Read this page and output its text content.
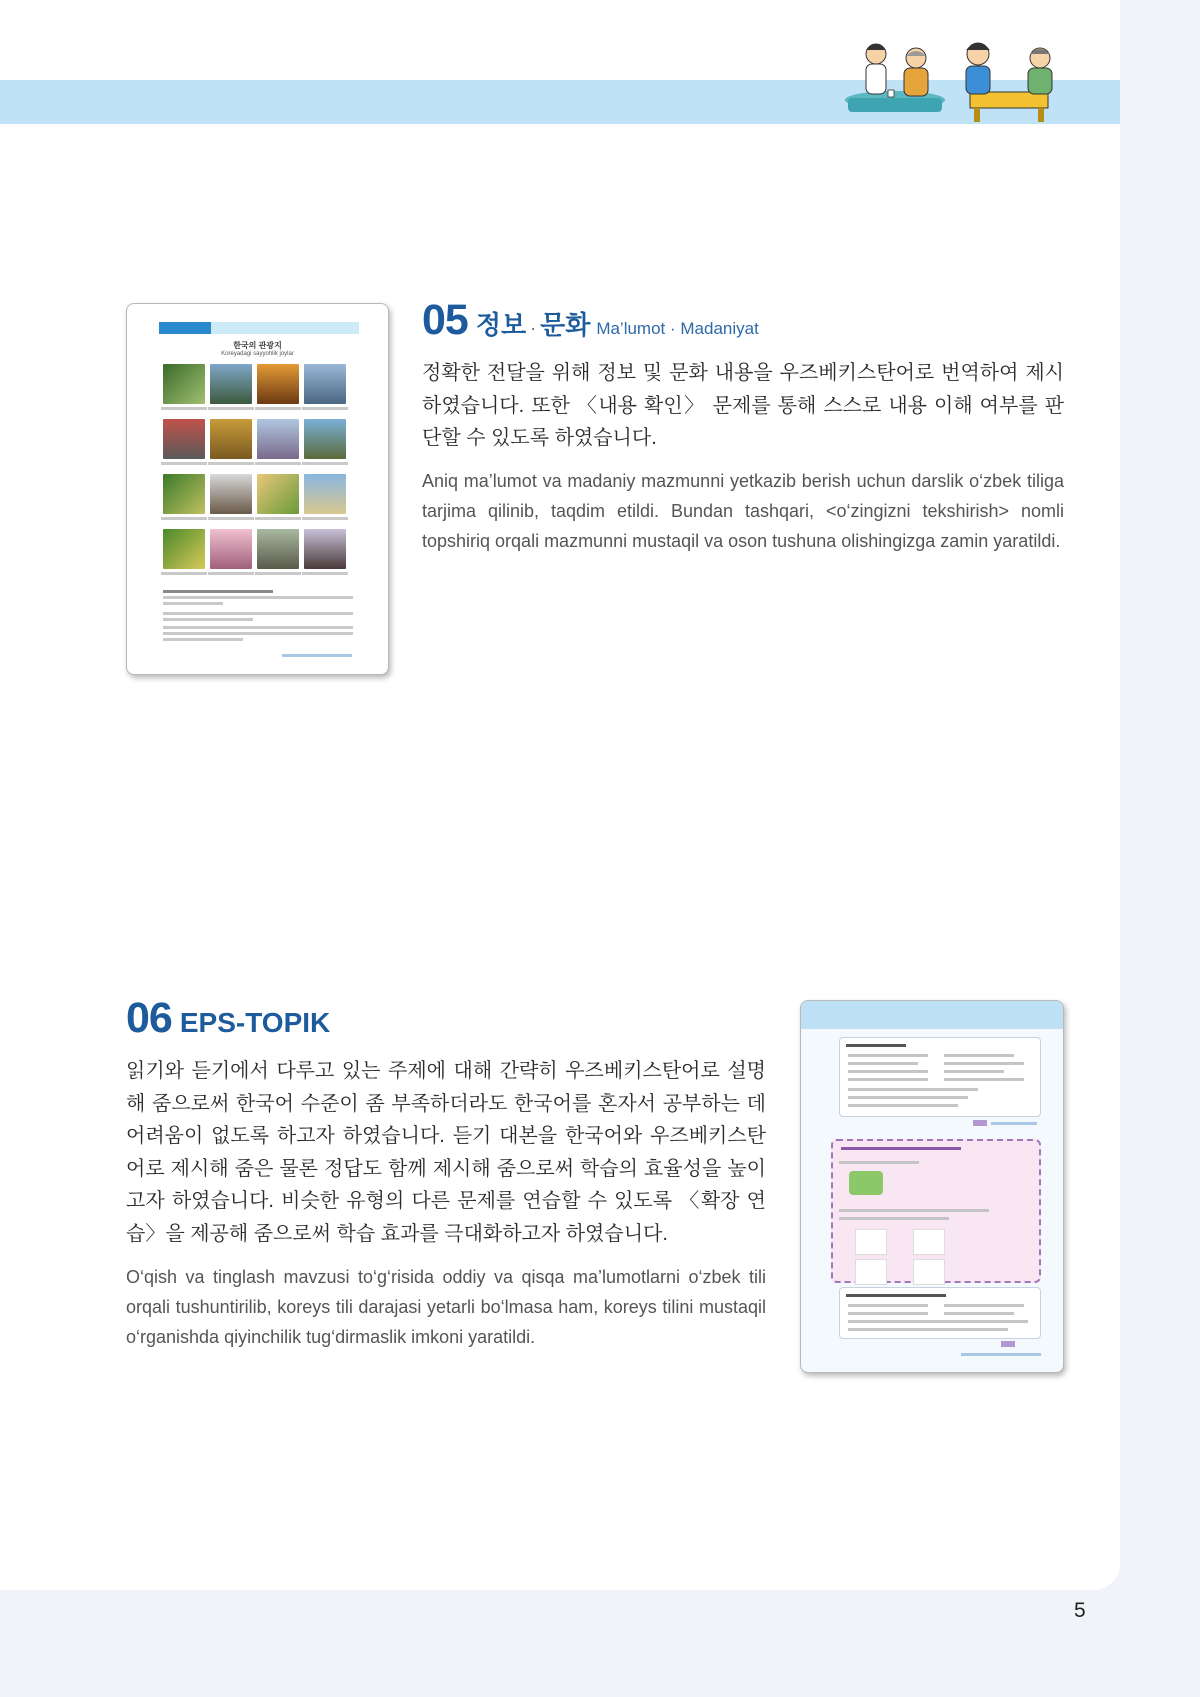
한국의 관광지
Koreyadagi sayyohlik joylar
05 정보 · 문화 Ma’lumot · Madaniyat

정확한 전달을 위해 정보 및 문화 내용을 우즈베키스탄어로 번역하여 제시하였습니다. 또한 〈내용 확인〉 문제를 통해 스스로 내용 이해 여부를 판단할 수 있도록 하였습니다.

Aniq ma’lumot va madaniy mazmunni yetkazib berish uchun darslik o‘zbek tiliga tarjima qilinib, taqdim etildi. Bundan tashqari, <o‘zingizni tekshirish> nomli topshiriq orqali mazmunni mustaqil va oson tushuna olishingizga zamin yaratildi.

06 EPS-TOPIK

읽기와 듣기에서 다루고 있는 주제에 대해 간략히 우즈베키스탄어로 설명해 줌으로써 한국어 수준이 좀 부족하더라도 한국어를 혼자서 공부하는 데 어려움이 없도록 하고자 하였습니다. 듣기 대본을 한국어와 우즈베키스탄어로 제시해 줌은 물론 정답도 함께 제시해 줌으로써 학습의 효율성을 높이고자 하였습니다. 비슷한 유형의 다른 문제를 연습할 수 있도록 〈확장 연습〉을 제공해 줌으로써 학습 효과를 극대화하고자 하였습니다.

O‘qish va tinglash mavzusi to‘g‘risida oddiy va qisqa ma’lumotlarni o‘zbek tili orqali tushuntirilib, koreys tili darajasi yetarli bo‘lmasa ham, koreys tilini mustaqil o‘rganishda qiyinchilik tug‘dirmaslik imkoni yaratildi.

5
